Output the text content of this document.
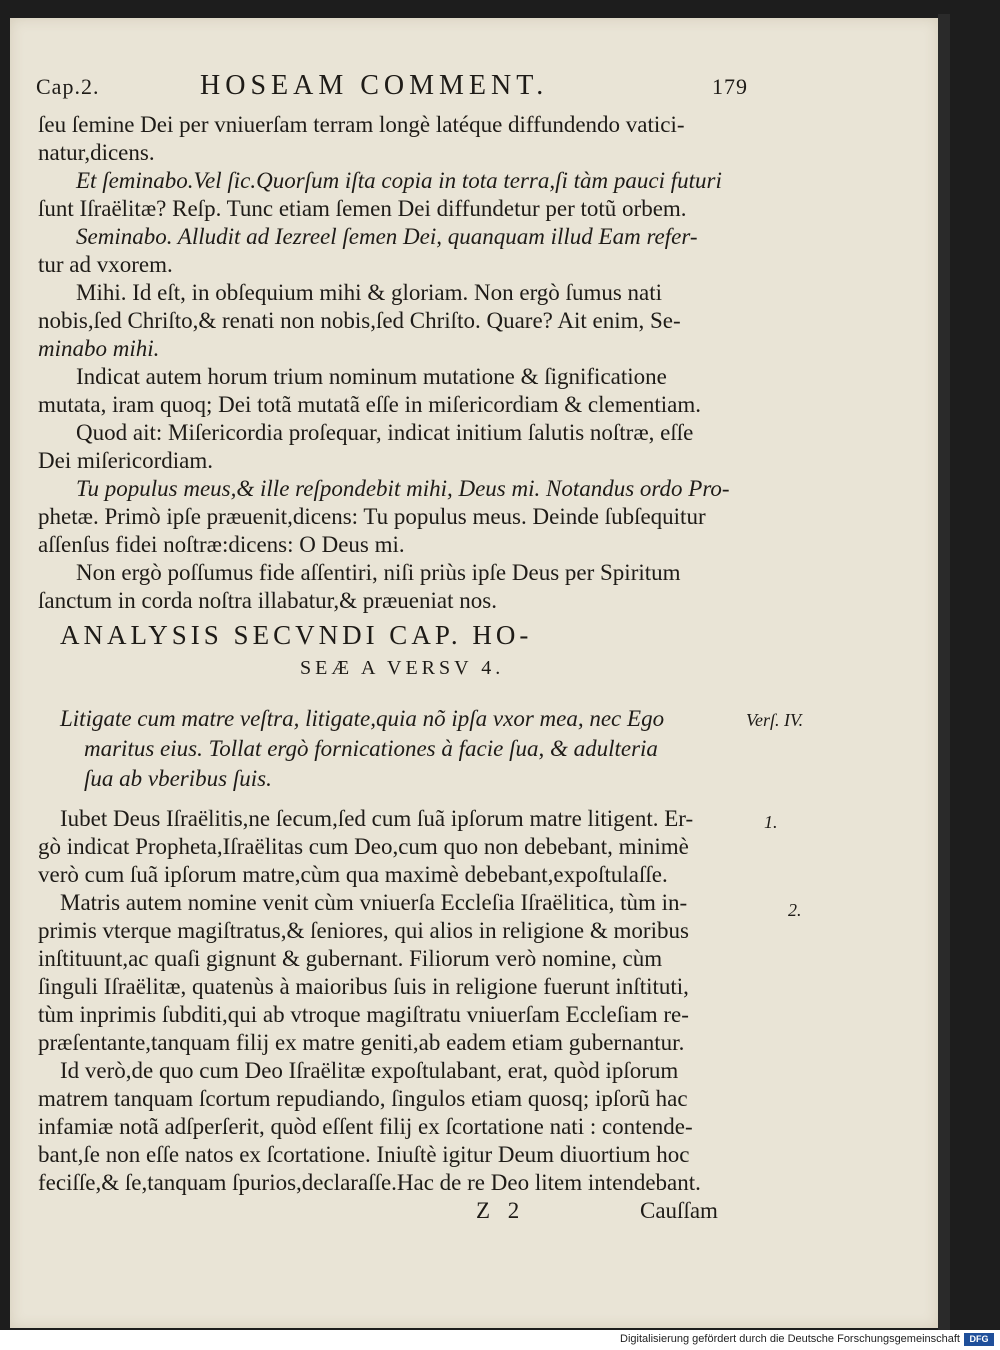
Cap.2.	HOSEAM COMMENT.	179
ſeu ſemine Dei per vniuerſam terram longè latéque diffundendo vatici-
natur,dicens.
Et ſeminabo.Vel ſic.Quorſum iſta copia in tota terra,ſi tàm pauci futuri
ſunt Iſraëlitæ? Reſp. Tunc etiam ſemen Dei diffundetur per totũ orbem.
Seminabo. Alludit ad Iezreel ſemen Dei, quanquam illud Eam refer-
tur ad vxorem.
Mihi. Id eſt, in obſequium mihi & gloriam. Non ergò ſumus nati
nobis,ſed Chriſto,& renati non nobis,ſed Chriſto. Quare? Ait enim, Se-
minabo mihi.
Indicat autem horum trium nominum mutatione & ſignificatione
mutata, iram quoq; Dei totã mutatã eſſe in miſericordiam & clementiam.
Quod ait: Miſericordia proſequar, indicat initium ſalutis noſtræ, eſſe
Dei miſericordiam.
Tu populus meus,& ille reſpondebit mihi, Deus mi. Notandus ordo Pro-
phetæ. Primò ipſe præuenit,dicens: Tu populus meus. Deinde ſubſequitur
aſſenſus fidei noſtræ:dicens: O Deus mi.
Non ergò poſſumus fide aſſentiri, niſi priùs ipſe Deus per Spiritum
ſanctum in corda noſtra illabatur,& præueniat nos.
ANALYSIS SECVNDI CAP. HO-
SEÆ A VERSV 4.
Litigate cum matre veſtra, litigate,quia nõ ipſa vxor mea, nec Ego
maritus eius. Tollat ergò fornicationes à facie ſua, & adulteria
ſua ab vberibus ſuis.
Verſ. IV.
Iubet Deus Iſraëlitis,ne ſecum,ſed cum ſuã ipſorum matre litigent. Er-
gò indicat Propheta,Iſraëlitas cum Deo,cum quo non debebant, minimè
verò cum ſuã ipſorum matre,cùm qua maximè debebant,expoſtulaſſe.
Matris autem nomine venit cùm vniuerſa Eccleſia Iſraëlitica, tùm in-
primis vterque magiſtratus,& ſeniores, qui alios in religione & moribus
inſtituunt,ac quaſi gignunt & gubernant. Filiorum verò nomine, cùm
ſinguli Iſraëlitæ, quatenùs à maioribus ſuis in religione fuerunt inſtituti,
tùm inprimis ſubditi,qui ab vtroque magiſtratu vniuerſam Eccleſiam re-
præſentante,tanquam filij ex matre geniti,ab eadem etiam gubernantur.
Id verò,de quo cum Deo Iſraëlitæ expoſtulabant, erat, quòd ipſorum
matrem tanquam ſcortum repudiando, ſingulos etiam quosq; ipſorũ hac
infamiæ notã adſperſerit, quòd eſſent filij ex ſcortatione nati : contende-
bant,ſe non eſſe natos ex ſcortatione. Iniuſtè igitur Deum diuortium hoc
feciſſe,& ſe,tanquam ſpurios,declaraſſe.Hac de re Deo litem intendebant.
1.
2.
Z 2	Cauſſam
Digitalisierung gefördert durch die Deutsche Forschungsgemeinschaft	DFG
